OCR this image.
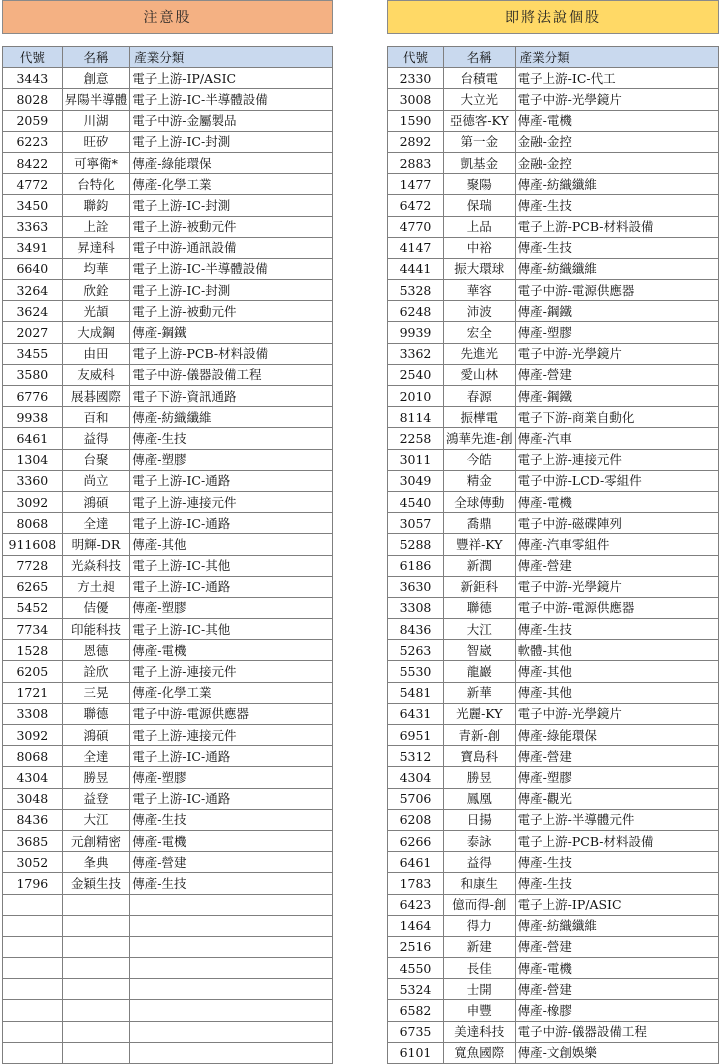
注意股
代號	名稱	產業分類
3443	創意	電子上游-IP/ASIC
8028	昇陽半導體	電子上游-IC-半導體設備
2059	川湖	電子中游-金屬製品
6223	旺矽	電子上游-IC-封測
8422	可寧衛*	傳產-綠能環保
4772	台特化	傳產-化學工業
3450	聯鈞	電子上游-IC-封測
3363	上詮	電子上游-被動元件
3491	昇達科	電子中游-通訊設備
6640	均華	電子上游-IC-半導體設備
3264	欣銓	電子上游-IC-封測
3624	光頡	電子上游-被動元件
2027	大成鋼	傳產-鋼鐵
3455	由田	電子上游-PCB-材料設備
3580	友威科	電子中游-儀器設備工程
6776	展碁國際	電子下游-資訊通路
9938	百和	傳產-紡織纖維
6461	益得	傳產-生技
1304	台聚	傳產-塑膠
3360	尚立	電子上游-IC-通路
3092	鴻碩	電子上游-連接元件
8068	全達	電子上游-IC-通路
911608	明輝-DR	傳產-其他
7728	光焱科技	電子上游-IC-其他
6265	方土昶	電子上游-IC-通路
5452	佶優	傳產-塑膠
7734	印能科技	電子上游-IC-其他
1528	恩德	傳產-電機
6205	詮欣	電子上游-連接元件
1721	三晃	傳產-化學工業
3308	聯德	電子中游-電源供應器
3092	鴻碩	電子上游-連接元件
8068	全達	電子上游-IC-通路
4304	勝昱	傳產-塑膠
3048	益登	電子上游-IC-通路
8436	大江	傳產-生技
3685	元創精密	傳產-電機
3052	夆典	傳產-營建
1796	金穎生技	傳產-生技

即將法說個股
代號	名稱	產業分類
2330	台積電	電子上游-IC-代工
3008	大立光	電子中游-光學鏡片
1590	亞德客-KY	傳產-電機
2892	第一金	金融-金控
2883	凱基金	金融-金控
1477	聚陽	傳產-紡織纖維
6472	保瑞	傳產-生技
4770	上品	電子上游-PCB-材料設備
4147	中裕	傳產-生技
4441	振大環球	傳產-紡織纖維
5328	華容	電子中游-電源供應器
6248	沛波	傳產-鋼鐵
9939	宏全	傳產-塑膠
3362	先進光	電子中游-光學鏡片
2540	愛山林	傳產-營建
2010	春源	傳產-鋼鐵
8114	振樺電	電子下游-商業自動化
2258	鴻華先進-創	傳產-汽車
3011	今皓	電子上游-連接元件
3049	精金	電子中游-LCD-零組件
4540	全球傳動	傳產-電機
3057	喬鼎	電子中游-磁碟陣列
5288	豐祥-KY	傳產-汽車零組件
6186	新潤	傳產-營建
3630	新鉅科	電子中游-光學鏡片
3308	聯德	電子中游-電源供應器
8436	大江	傳產-生技
5263	智崴	軟體-其他
5530	龍巖	傳產-其他
5481	新華	傳產-其他
6431	光麗-KY	電子中游-光學鏡片
6951	青新-創	傳產-綠能環保
5312	寶島科	傳產-營建
4304	勝昱	傳產-塑膠
5706	鳳凰	傳產-觀光
6208	日揚	電子上游-半導體元件
6266	泰詠	電子上游-PCB-材料設備
6461	益得	傳產-生技
1783	和康生	傳產-生技
6423	億而得-創	電子上游-IP/ASIC
1464	得力	傳產-紡織纖維
2516	新建	傳產-營建
4550	長佳	傳產-電機
5324	士開	傳產-營建
6582	申豐	傳產-橡膠
6735	美達科技	電子中游-儀器設備工程
6101	寬魚國際	傳產-文創娛樂
